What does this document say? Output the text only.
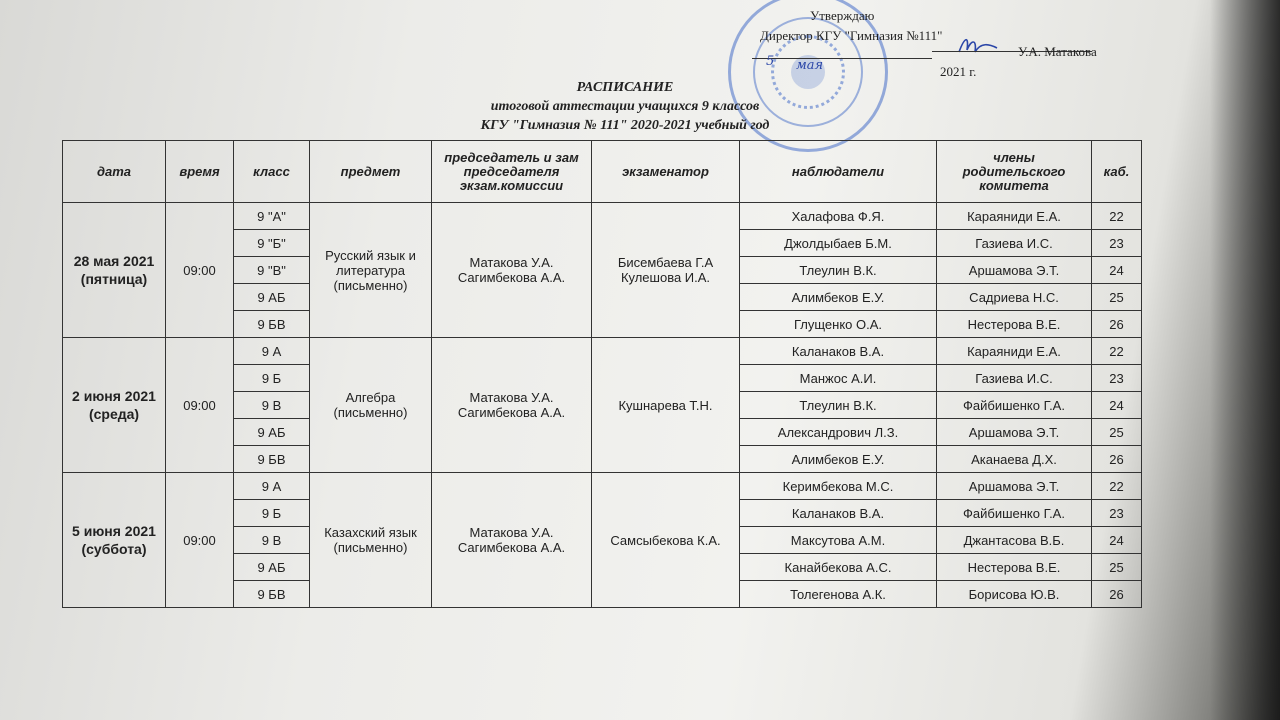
Утверждаю
Директор КГУ "Гимназия №111"
У.А. Матакова
5 мая	2021 г.
РАСПИСАНИЕ
итоговой аттестации учащихся 9 классов
КГУ "Гимназия № 111" 2020-2021 учебный год
дата	время	класс	предмет	председатель и зам председателя экзам.комиссии	экзаменатор	наблюдатели	члены родительского комитета	каб.
28 мая 2021 (пятница)	09:00	9 "А"	Русский язык и литература (письменно)	Матакова У.А. Сагимбекова А.А.	Бисембаева Г.А Кулешова И.А.	Халафова Ф.Я.	Караяниди Е.А.	22
		9 "Б"				Джолдыбаев Б.М.	Газиева И.С.	23
		9 "В"				Тлеулин В.К.	Аршамова Э.Т.	24
		9 АБ				Алимбеков Е.У.	Садриева Н.С.	25
		9 БВ				Глущенко О.А.	Нестерова В.Е.	26
2 июня 2021 (среда)	09:00	9 А	Алгебра (письменно)	Матакова У.А. Сагимбекова А.А.	Кушнарева Т.Н.	Каланаков В.А.	Караяниди Е.А.	22
		9 Б				Манжос А.И.	Газиева И.С.	23
		9 В				Тлеулин В.К.	Файбишенко Г.А.	24
		9 АБ				Александрович Л.З.	Аршамова Э.Т.	25
		9 БВ				Алимбеков Е.У.	Аканаева Д.Х.	26
5 июня 2021 (суббота)	09:00	9 А	Казахский язык (письменно)	Матакова У.А. Сагимбекова А.А.	Самсыбекова К.А.	Керимбекова М.С.	Аршамова Э.Т.	22
		9 Б				Каланаков В.А.	Файбишенко Г.А.	23
		9 В				Максутова А.М.	Джантасова В.Б.	24
		9 АБ				Канайбекова А.С.	Нестерова В.Е.	25
		9 БВ				Толегенова А.К.	Борисова Ю.В.	26
